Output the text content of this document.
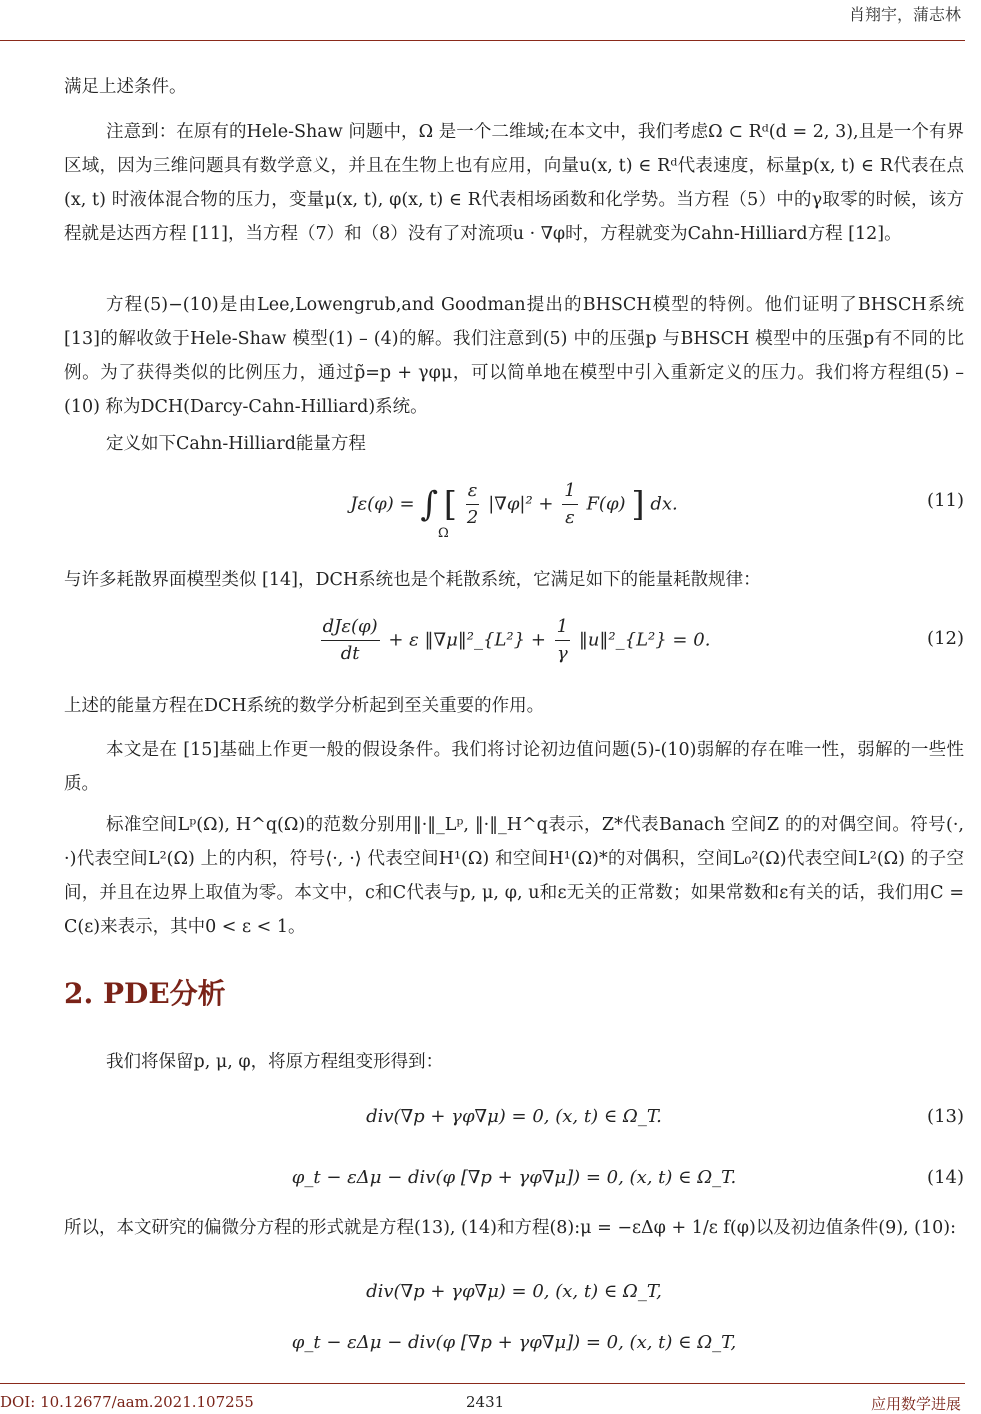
肖翔宇，蒲志林
满足上述条件。
注意到：在原有的Hele-Shaw 问题中，Ω 是一个二维域;在本文中，我们考虑Ω ⊂ Rᵈ(d = 2, 3),且是一个有界区域，因为三维问题具有数学意义，并且在生物上也有应用，向量u(x, t) ∈ Rᵈ代表速度，标量p(x, t) ∈ R代表在点(x, t) 时液体混合物的压力，变量μ(x, t), φ(x, t) ∈ R代表相场函数和化学势。当方程（5）中的γ取零的时候，该方程就是达西方程 [11]，当方程（7）和（8）没有了对流项u · ∇φ时，方程就变为Cahn-Hilliard方程 [12]。
方程(5)−(10)是由Lee,Lowengrub,and Goodman提出的BHSCH模型的特例。他们证明了BHSCH系统 [13]的解收敛于Hele-Shaw 模型(1) – (4)的解。我们注意到(5) 中的压强p 与BHSCH 模型中的压强p有不同的比例。为了获得类似的比例压力，通过p̃=p + γφμ，可以简单地在模型中引入重新定义的压力。我们将方程组(5) – (10) 称为DCH(Darcy-Cahn-Hilliard)系统。
定义如下Cahn-Hilliard能量方程
Jε(φ) = ∫ [ $\frac{\varepsilon}{2} |\nabla\varphi|^2 + \frac{1}{\varepsilon} F(\varphi)$ ] dx.	(11)
Ω
与许多耗散界面模型类似 [14]，DCH系统也是个耗散系统，它满足如下的能量耗散规律：
$\frac{\text{dJε(φ)}}{dt} + \varepsilon$ ‖∇μ‖²_{L²} + $\frac{1}{\gamma}$ ‖u‖²_{L²} = 0.	(12)
上述的能量方程在DCH系统的数学分析起到至关重要的作用。
本文是在 [15]基础上作更一般的假设条件。我们将讨论初边值问题(5)-(10)弱解的存在唯一性，弱解的一些性质。
标准空间Lᵖ(Ω), H^q(Ω)的范数分别用‖·‖_Lᵖ, ‖·‖_H^q表示，Z*代表Banach 空间Z 的的对偶空间。符号(·, ·)代表空间L²(Ω) 上的内积，符号⟨·, ·⟩ 代表空间H¹(Ω) 和空间H¹(Ω)*的对偶积，空间L₀²(Ω)代表空间L²(Ω) 的子空间，并且在边界上取值为零。本文中，c和C代表与p, μ, φ, u和ε无关的正常数；如果常数和ε有关的话，我们用C = C(ε)来表示，其中0 < ε < 1。
2. PDE分析
我们将保留p, μ, φ，将原方程组变形得到：
div(∇p + γφ∇μ) = 0, (x, t) ∈ Ω_T.	(13)
φ_t − εΔμ − div(φ [∇p + γφ∇μ]) = 0, (x, t) ∈ Ω_T.	(14)
所以，本文研究的偏微分方程的形式就是方程(13), (14)和方程(8):μ = −εΔφ + 1/ε f(φ)以及初边值条件(9), (10):
div(∇p + γφ∇μ) = 0, (x, t) ∈ Ω_T,
φ_t − εΔμ − div(φ [∇p + γφ∇μ]) = 0, (x, t) ∈ Ω_T,
DOI: 10.12677/aam.2021.107255	2431	应用数学进展
